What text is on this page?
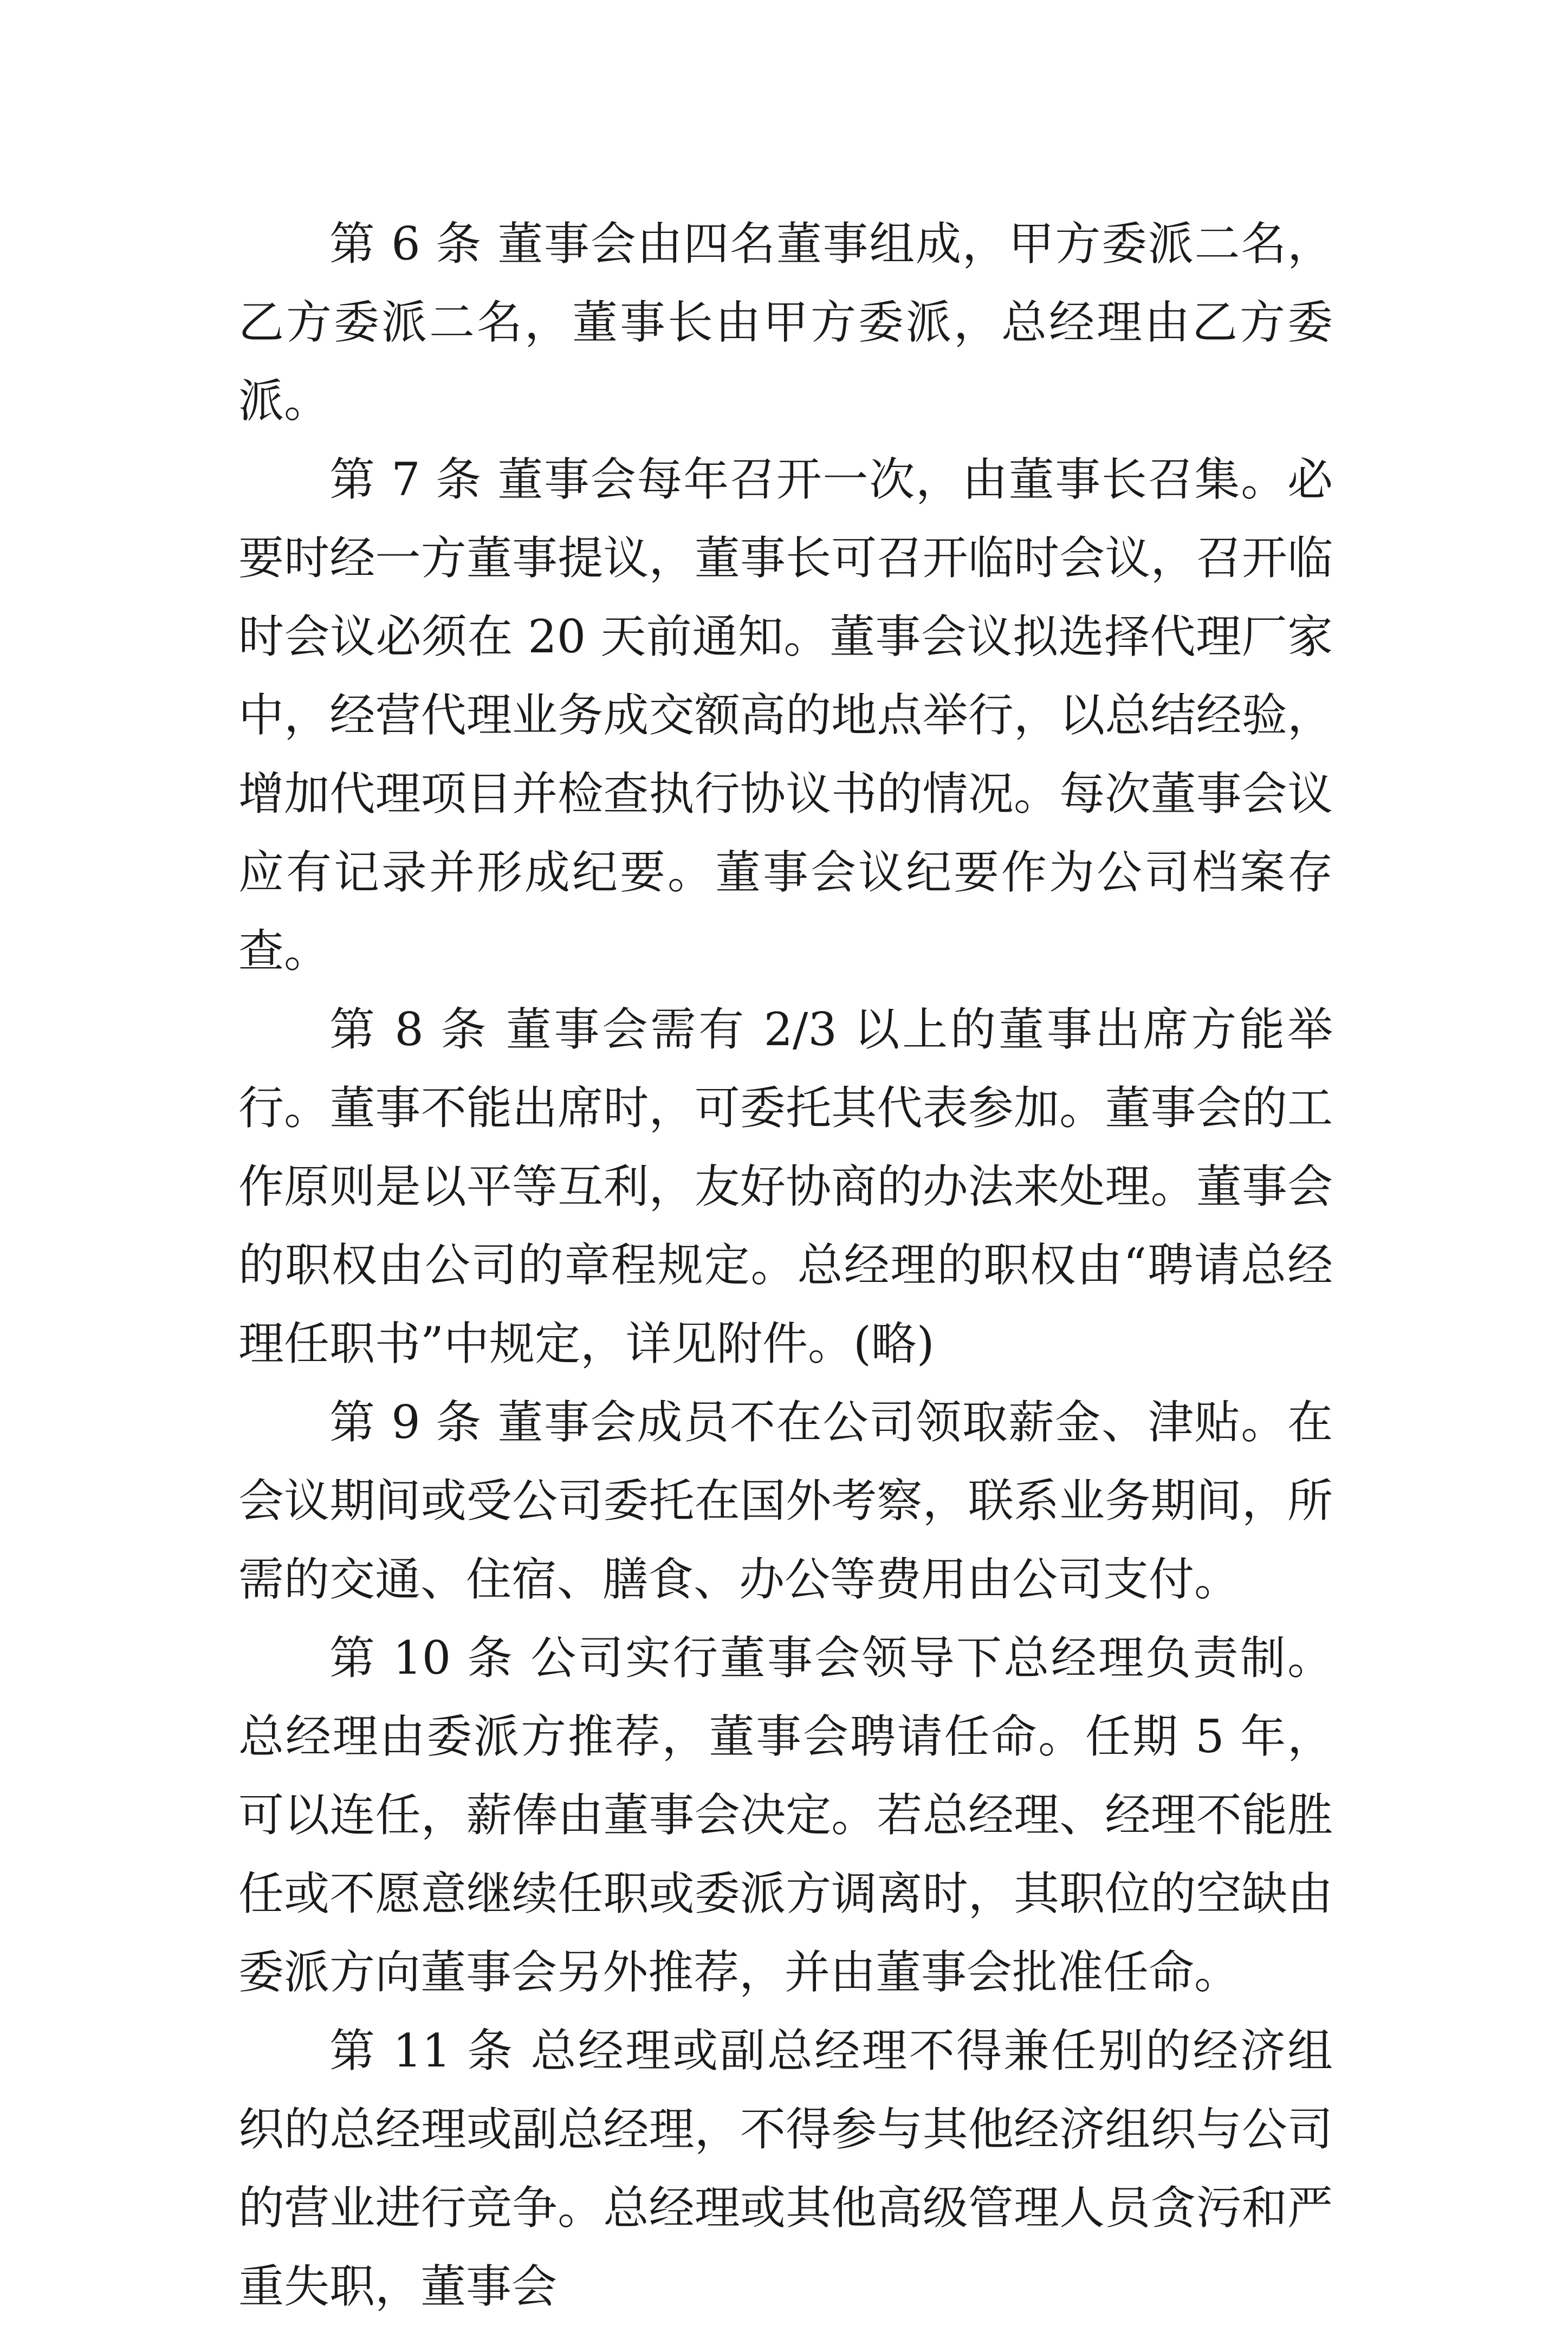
第 6 条 董事会由四名董事组成，甲方委派二名，乙方委派二名，董事长由甲方委派，总经理由乙方委派。

第 7 条 董事会每年召开一次，由董事长召集。必要时经一方董事提议，董事长可召开临时会议，召开临时会议必须在 20 天前通知。董事会议拟选择代理厂家中，经营代理业务成交额高的地点举行，以总结经验，增加代理项目并检查执行协议书的情况。每次董事会议应有记录并形成纪要。董事会议纪要作为公司档案存查。

第 8 条 董事会需有 2/3 以上的董事出席方能举行。董事不能出席时，可委托其代表参加。董事会的工作原则是以平等互利，友好协商的办法来处理。董事会的职权由公司的章程规定。总经理的职权由“聘请总经理任职书”中规定，详见附件。(略)

第 9 条 董事会成员不在公司领取薪金、津贴。在会议期间或受公司委托在国外考察，联系业务期间，所需的交通、住宿、膳食、办公等费用由公司支付。

第 10 条 公司实行董事会领导下总经理负责制。总经理由委派方推荐，董事会聘请任命。任期 5 年，可以连任，薪俸由董事会决定。若总经理、经理不能胜任或不愿意继续任职或委派方调离时，其职位的空缺由委派方向董事会另外推荐，并由董事会批准任命。

第 11 条 总经理或副总经理不得兼任别的经济组织的总经理或副总经理，不得参与其他经济组织与公司的营业进行竞争。总经理或其他高级管理人员贪污和严重失职，董事会
